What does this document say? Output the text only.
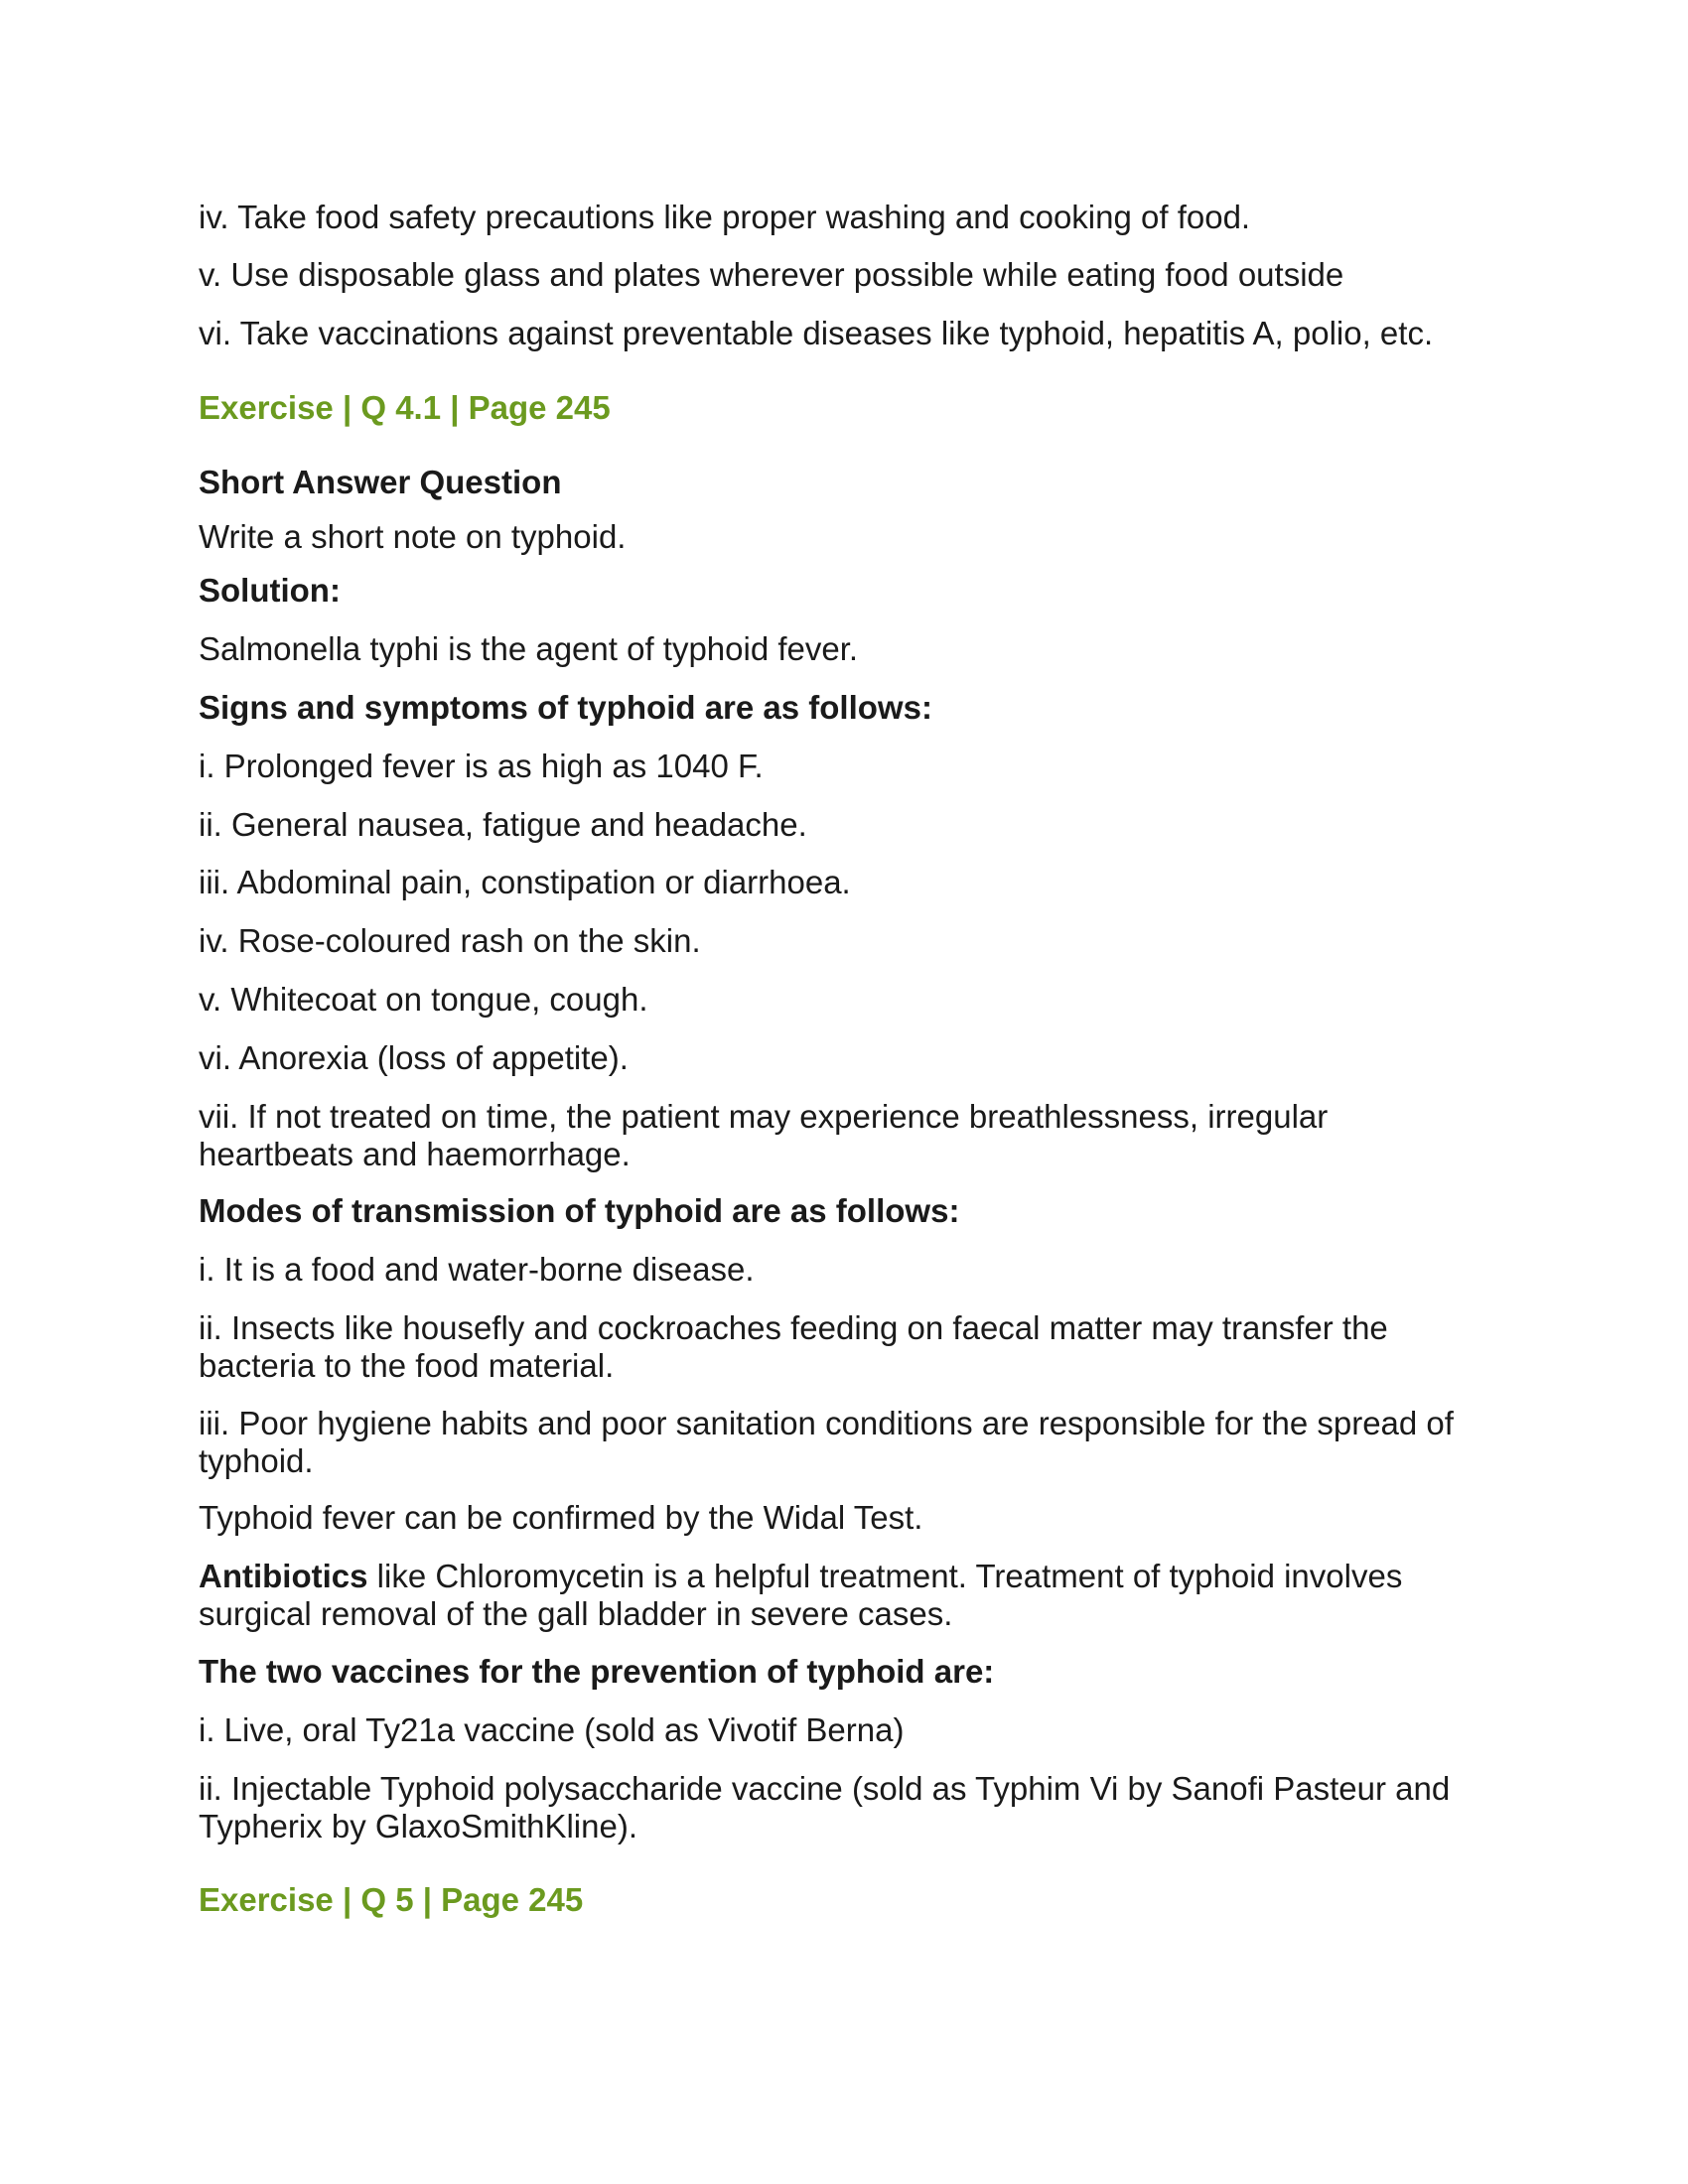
iv. Take food safety precautions like proper washing and cooking of food.
v. Use disposable glass and plates wherever possible while eating food outside
vi. Take vaccinations against preventable diseases like typhoid, hepatitis A, polio, etc.
Exercise | Q 4.1 | Page 245
Short Answer Question
Write a short note on typhoid.
Solution:
Salmonella typhi is the agent of typhoid fever.
Signs and symptoms of typhoid are as follows:
i. Prolonged fever is as high as 1040 F.
ii. General nausea, fatigue and headache.
iii. Abdominal pain, constipation or diarrhoea.
iv. Rose-coloured rash on the skin.
v. Whitecoat on tongue, cough.
vi. Anorexia (loss of appetite).
vii. If not treated on time, the patient may experience breathlessness, irregular heartbeats and haemorrhage.
Modes of transmission of typhoid are as follows:
i. It is a food and water-borne disease.
ii. Insects like housefly and cockroaches feeding on faecal matter may transfer the bacteria to the food material.
iii. Poor hygiene habits and poor sanitation conditions are responsible for the spread of typhoid.
Typhoid fever can be confirmed by the Widal Test.
Antibiotics like Chloromycetin is a helpful treatment. Treatment of typhoid involves surgical removal of the gall bladder in severe cases.
The two vaccines for the prevention of typhoid are:
i. Live, oral Ty21a vaccine (sold as Vivotif Berna)
ii. Injectable Typhoid polysaccharide vaccine (sold as Typhim Vi by Sanofi Pasteur and Typherix by GlaxoSmithKline).
Exercise | Q 5 | Page 245
